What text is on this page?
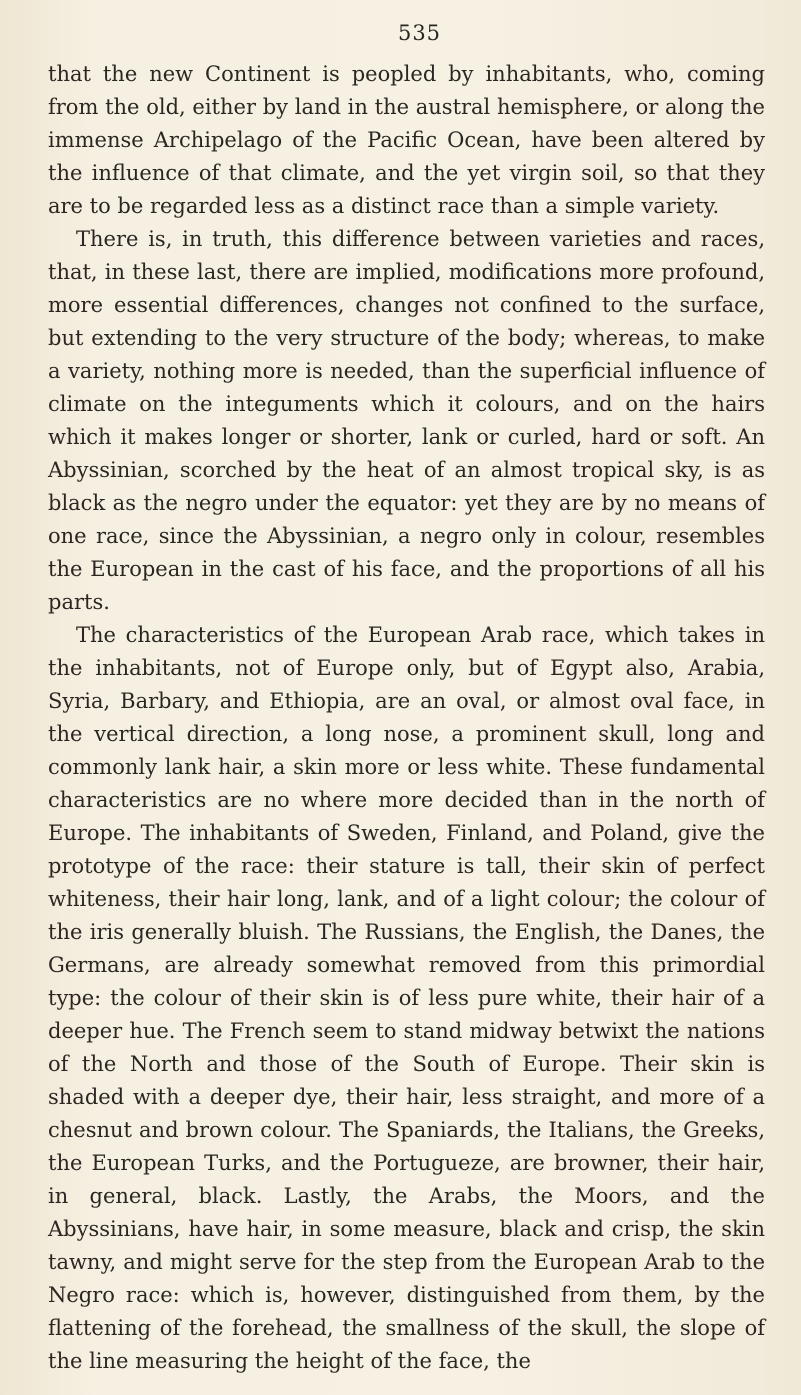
535

that the new Continent is peopled by inhabitants, who, coming from the old, either by land in the austral hemisphere, or along the immense Archipelago of the Pacific Ocean, have been altered by the influence of that climate, and the yet virgin soil, so that they are to be regarded less as a distinct race than a simple variety.

There is, in truth, this difference between varieties and races, that, in these last, there are implied, modifications more profound, more essential differences, changes not confined to the surface, but extending to the very structure of the body; whereas, to make a variety, nothing more is needed, than the superficial influence of climate on the integuments which it colours, and on the hairs which it makes longer or shorter, lank or curled, hard or soft. An Abyssinian, scorched by the heat of an almost tropical sky, is as black as the negro under the equator: yet they are by no means of one race, since the Abyssinian, a negro only in colour, resembles the European in the cast of his face, and the proportions of all his parts.

The characteristics of the European Arab race, which takes in the inhabitants, not of Europe only, but of Egypt also, Arabia, Syria, Barbary, and Ethiopia, are an oval, or almost oval face, in the vertical direction, a long nose, a prominent skull, long and commonly lank hair, a skin more or less white. These fundamental characteristics are no where more decided than in the north of Europe. The inhabitants of Sweden, Finland, and Poland, give the prototype of the race: their stature is tall, their skin of perfect whiteness, their hair long, lank, and of a light colour; the colour of the iris generally bluish. The Russians, the English, the Danes, the Germans, are already somewhat removed from this primordial type: the colour of their skin is of less pure white, their hair of a deeper hue. The French seem to stand midway betwixt the nations of the North and those of the South of Europe. Their skin is shaded with a deeper dye, their hair, less straight, and more of a chesnut and brown colour. The Spaniards, the Italians, the Greeks, the European Turks, and the Portugueze, are browner, their hair, in general, black. Lastly, the Arabs, the Moors, and the Abyssinians, have hair, in some measure, black and crisp, the skin tawny, and might serve for the step from the European Arab to the Negro race: which is, however, distinguished from them, by the flattening of the forehead, the smallness of the skull, the slope of the line measuring the height of the face, the
